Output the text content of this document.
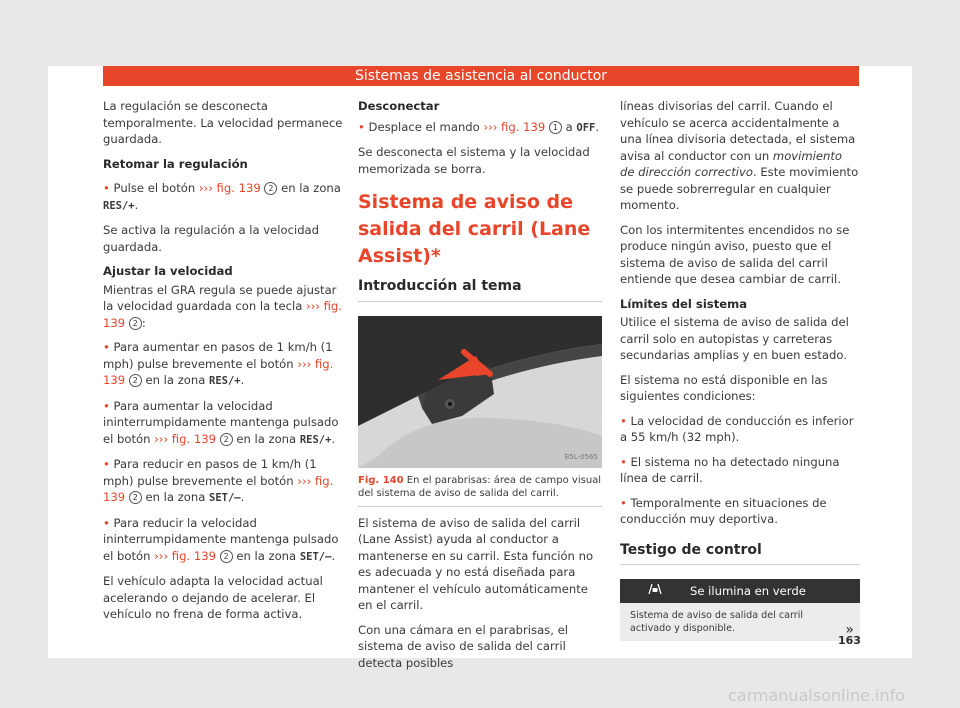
Sistemas de asistencia al conductor

La regulación se desconecta temporalmente. La velocidad permanece guardada.

Retomar la regulación

• Pulse el botón ››› fig. 139 2 en la zona RES/+.

Se activa la regulación a la velocidad guardada.

Ajustar la velocidad

Mientras el GRA regula se puede ajustar la velocidad guardada con la tecla ››› fig. 139 2 :

• Para aumentar en pasos de 1 km/h (1 mph) pulse brevemente el botón ››› fig. 139 2 en la zona RES/+.

• Para aumentar la velocidad ininterrumpidamente mantenga pulsado el botón ››› fig. 139 2 en la zona RES/+.

• Para reducir en pasos de 1 km/h (1 mph) pulse brevemente el botón ››› fig. 139 2 en la zona SET/–.

• Para reducir la velocidad ininterrumpidamente mantenga pulsado el botón ››› fig. 139 2 en la zona SET/–.

El vehículo adapta la velocidad actual acelerando o dejando de acelerar. El vehículo no frena de forma activa.

Desconectar

• Desplace el mando ››› fig. 139 1 a OFF.

Se desconecta el sistema y la velocidad memorizada se borra.

Sistema de aviso de salida del carril (Lane Assist)*
Introducción al tema
B5L-0565
Fig. 140 En el parabrisas: área de campo visual del sistema de aviso de salida del carril.

El sistema de aviso de salida del carril (Lane Assist) ayuda al conductor a mantenerse en su carril. Esta función no es adecuada y no está diseñada para mantener el vehículo automáticamente en el carril.

Con una cámara en el parabrisas, el sistema de aviso de salida del carril detecta posibles

líneas divisorias del carril. Cuando el vehículo se acerca accidentalmente a una línea divisoria detectada, el sistema avisa al conductor con un movimiento de dirección correctivo. Este movimiento se puede sobrerregular en cualquier momento.

Con los intermitentes encendidos no se produce ningún aviso, puesto que el sistema de aviso de salida del carril entiende que desea cambiar de carril.

Límites del sistema

Utilice el sistema de aviso de salida del carril solo en autopistas y carreteras secundarias amplias y en buen estado.

El sistema no está disponible en las siguientes condiciones:

• La velocidad de conducción es inferior a 55 km/h (32 mph).

• El sistema no ha detectado ninguna línea de carril.

• Temporalmente en situaciones de conducción muy deportiva.

Testigo de control
Se ilumina en verde
Sistema de aviso de salida del carril activado y disponible.	»
163
carmanualsonline.info
